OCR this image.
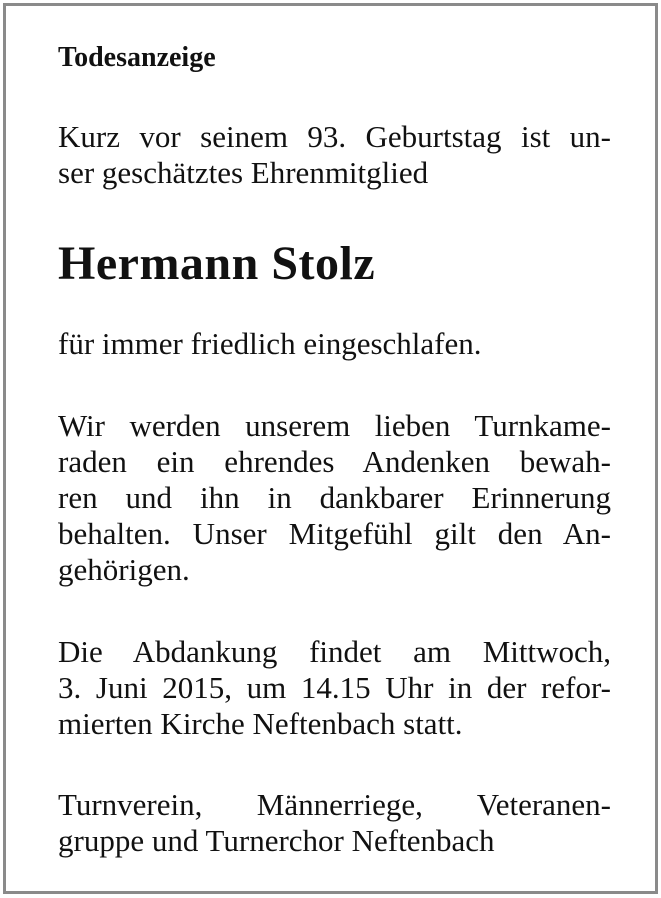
Todesanzeige
Kurz vor seinem 93. Geburtstag ist un-
ser geschätztes Ehrenmitglied
Hermann Stolz
für immer friedlich eingeschlafen.
Wir werden unserem lieben Turnkame-
raden ein ehrendes Andenken bewah-
ren und ihn in dankbarer Erinnerung
behalten. Unser Mitgefühl gilt den An-
gehörigen.
Die Abdankung findet am Mittwoch,
3. Juni 2015, um 14.15 Uhr in der refor-
mierten Kirche Neftenbach statt.
Turnverein, Männerriege, Veteranen-
gruppe und Turnerchor Neftenbach
